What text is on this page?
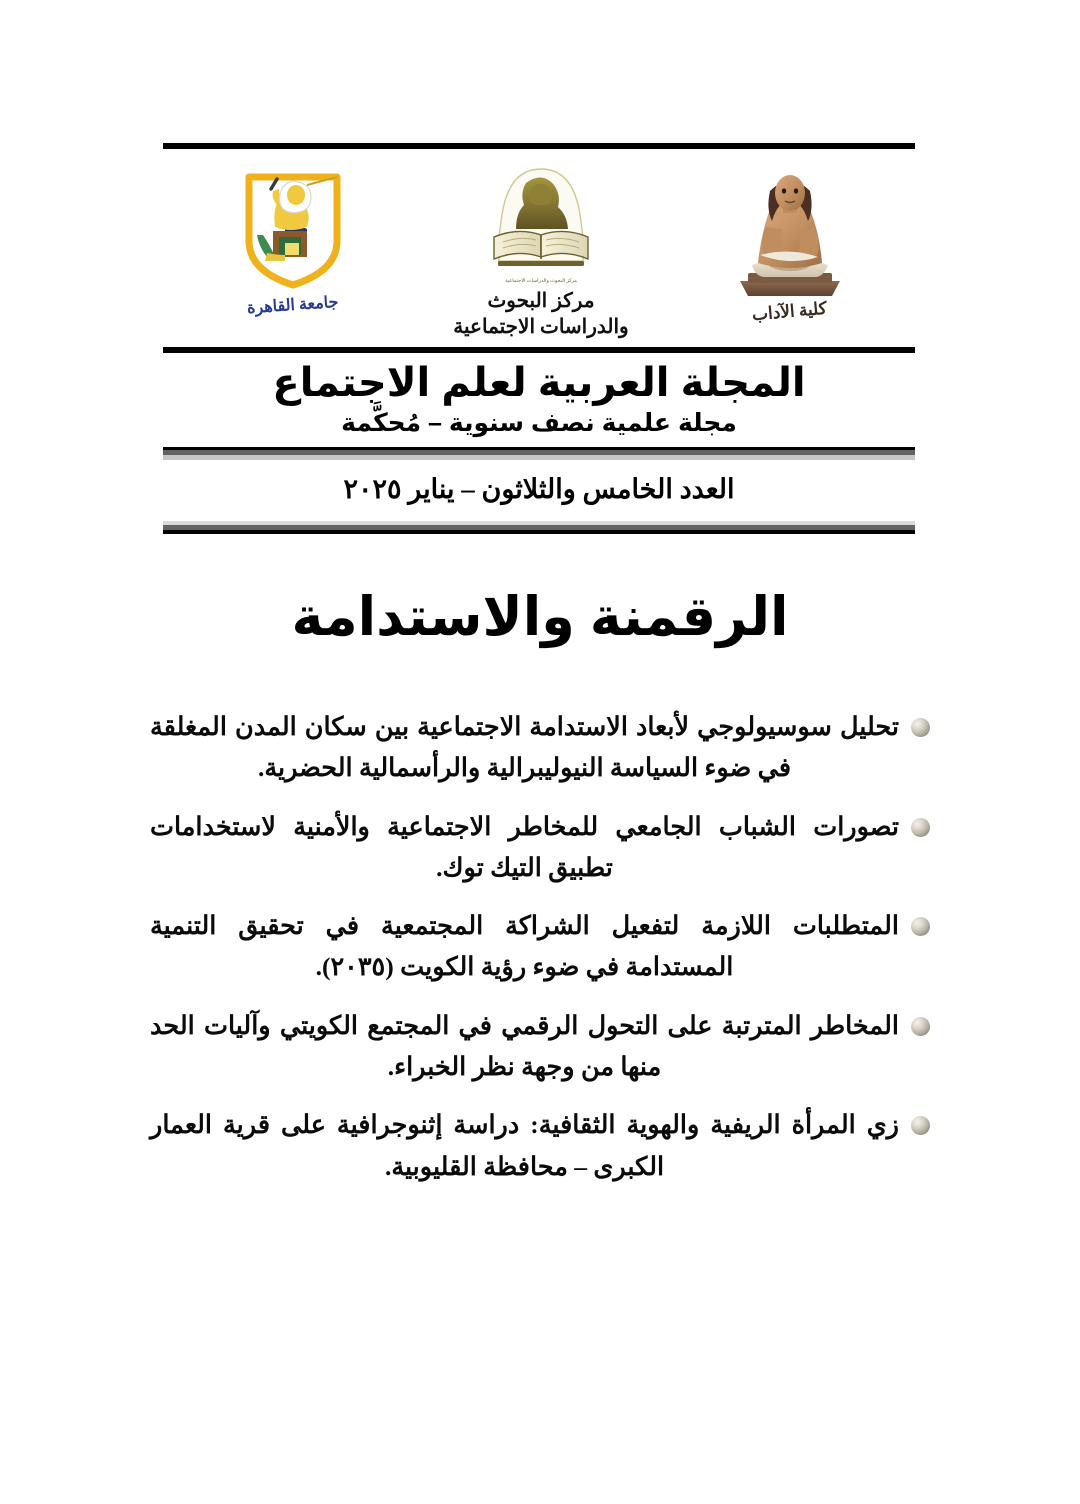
كلية الآداب
مركز البحوث والدراسات الاجتماعية
مركز البحوث
والدراسات الاجتماعية
جامعة القاهرة
المجلة العربية لعلم الاجتماع
مجلة علمية نصف سنوية – مُحكَّمة
العدد الخامس والثلاثون – يناير ٢٠٢٥
الرقمنة والاستدامة
تحليل سوسيولوجي لأبعاد الاستدامة الاجتماعية بين سكان المدن المغلقة في ضوء السياسة النيوليبرالية والرأسمالية الحضرية.
تصورات الشباب الجامعي للمخاطر الاجتماعية والأمنية لاستخدامات تطبيق التيك توك.
المتطلبات اللازمة لتفعيل الشراكة المجتمعية في تحقيق التنمية المستدامة في ضوء رؤية الكويت (٢٠٣٥).
المخاطر المترتبة على التحول الرقمي في المجتمع الكويتي وآليات الحد منها من وجهة نظر الخبراء.
زي المرأة الريفية والهوية الثقافية: دراسة إثنوجرافية على قرية العمار الكبرى – محافظة القليوبية.
